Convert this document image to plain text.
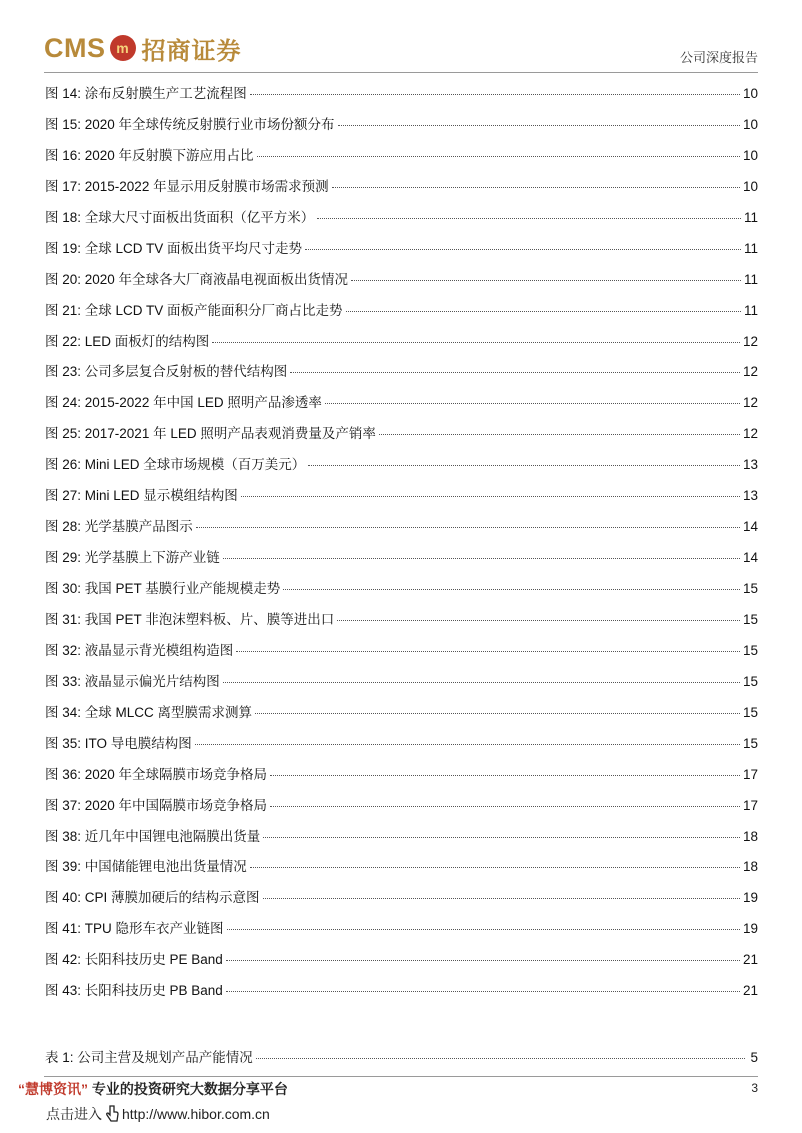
CMS m 招商证券	公司深度报告
图 14: 涂布反射膜生产工艺流程图	10
图 15: 2020 年全球传统反射膜行业市场份额分布	10
图 16: 2020 年反射膜下游应用占比	10
图 17: 2015-2022 年显示用反射膜市场需求预测	10
图 18: 全球大尺寸面板出货面积（亿平方米）	11
图 19: 全球 LCD TV 面板出货平均尺寸走势	11
图 20: 2020 年全球各大厂商液晶电视面板出货情况	11
图 21: 全球 LCD TV 面板产能面积分厂商占比走势	11
图 22: LED 面板灯的结构图	12
图 23: 公司多层复合反射板的替代结构图	12
图 24: 2015-2022 年中国 LED 照明产品渗透率	12
图 25: 2017-2021 年 LED 照明产品表观消费量及产销率	12
图 26: Mini LED 全球市场规模（百万美元）	13
图 27: Mini LED 显示模组结构图	13
图 28: 光学基膜产品图示	14
图 29: 光学基膜上下游产业链	14
图 30: 我国 PET 基膜行业产能规模走势	15
图 31: 我国 PET 非泡沫塑料板、片、膜等进出口	15
图 32: 液晶显示背光模组构造图	15
图 33: 液晶显示偏光片结构图	15
图 34: 全球 MLCC 离型膜需求测算	15
图 35: ITO 导电膜结构图	15
图 36: 2020 年全球隔膜市场竞争格局	17
图 37: 2020 年中国隔膜市场竞争格局	17
图 38: 近几年中国锂电池隔膜出货量	18
图 39: 中国储能锂电池出货量情况	18
图 40: CPI 薄膜加硬后的结构示意图	19
图 41: TPU 隐形车衣产业链图	19
图 42: 长阳科技历史 PE Band	21
图 43: 长阳科技历史 PB Band	21
表 1: 公司主营及规划产品产能情况	5
“慧博资讯” 专业的投资研究大数据分享平台
点击进入 http://www.hibor.com.cn
3
